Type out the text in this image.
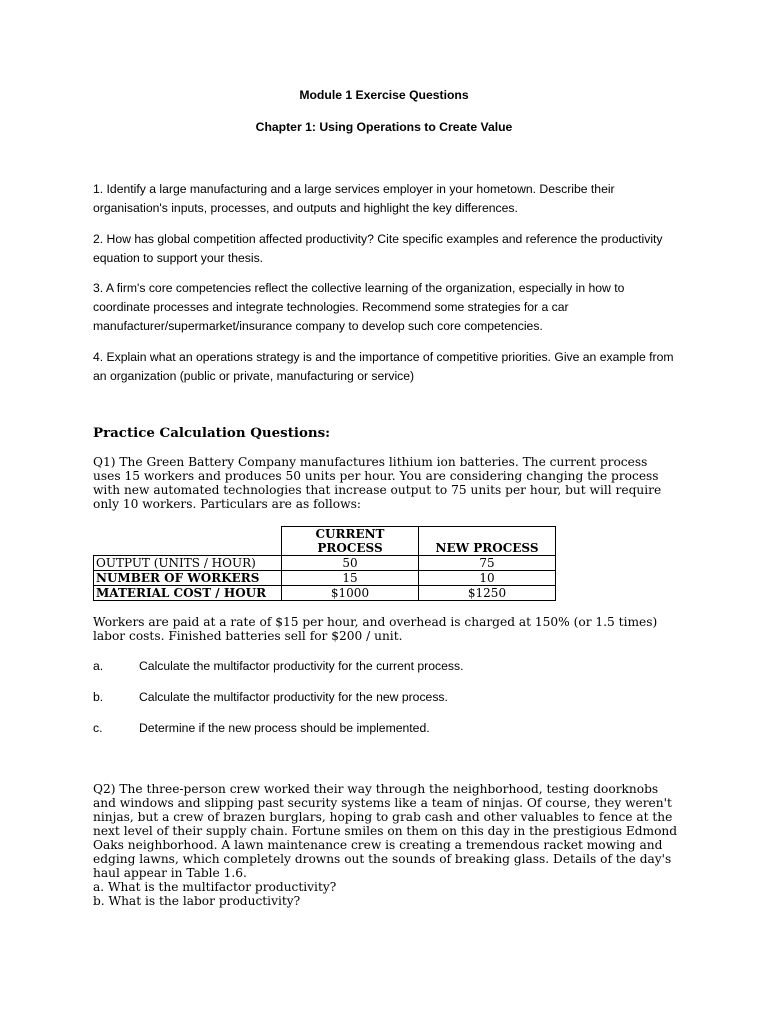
Module 1 Exercise Questions
Chapter 1: Using Operations to Create Value
1. Identify a large manufacturing and a large services employer in your hometown. Describe their organisation's inputs, processes, and outputs and highlight the key differences.
2. How has global competition affected productivity? Cite specific examples and reference the productivity equation to support your thesis.
3. A firm's core competencies reflect the collective learning of the organization, especially in how to coordinate processes and integrate technologies. Recommend some strategies for a car manufacturer/supermarket/insurance company to develop such core competencies.
4. Explain what an operations strategy is and the importance of competitive priorities. Give an example from an organization (public or private, manufacturing or service)
Practice Calculation Questions:
Q1) The Green Battery Company manufactures lithium ion batteries. The current process uses 15 workers and produces 50 units per hour. You are considering changing the process with new automated technologies that increase output to 75 units per hour, but will require only 10 workers. Particulars are as follows:
	CURRENT PROCESS	NEW PROCESS
OUTPUT (UNITS / HOUR)	50	75
NUMBER OF WORKERS	15	10
MATERIAL COST / HOUR	$1000	$1250
Workers are paid at a rate of $15 per hour, and overhead is charged at 150% (or 1.5 times) labor costs. Finished batteries sell for $200 / unit.
a.	Calculate the multifactor productivity for the current process.
b.	Calculate the multifactor productivity for the new process.
c.	Determine if the new process should be implemented.
Q2) The three-person crew worked their way through the neighborhood, testing doorknobs and windows and slipping past security systems like a team of ninjas. Of course, they weren't ninjas, but a crew of brazen burglars, hoping to grab cash and other valuables to fence at the next level of their supply chain. Fortune smiles on them on this day in the prestigious Edmond Oaks neighborhood. A lawn maintenance crew is creating a tremendous racket mowing and edging lawns, which completely drowns out the sounds of breaking glass. Details of the day's haul appear in Table 1.6.
a. What is the multifactor productivity?
b. What is the labor productivity?
